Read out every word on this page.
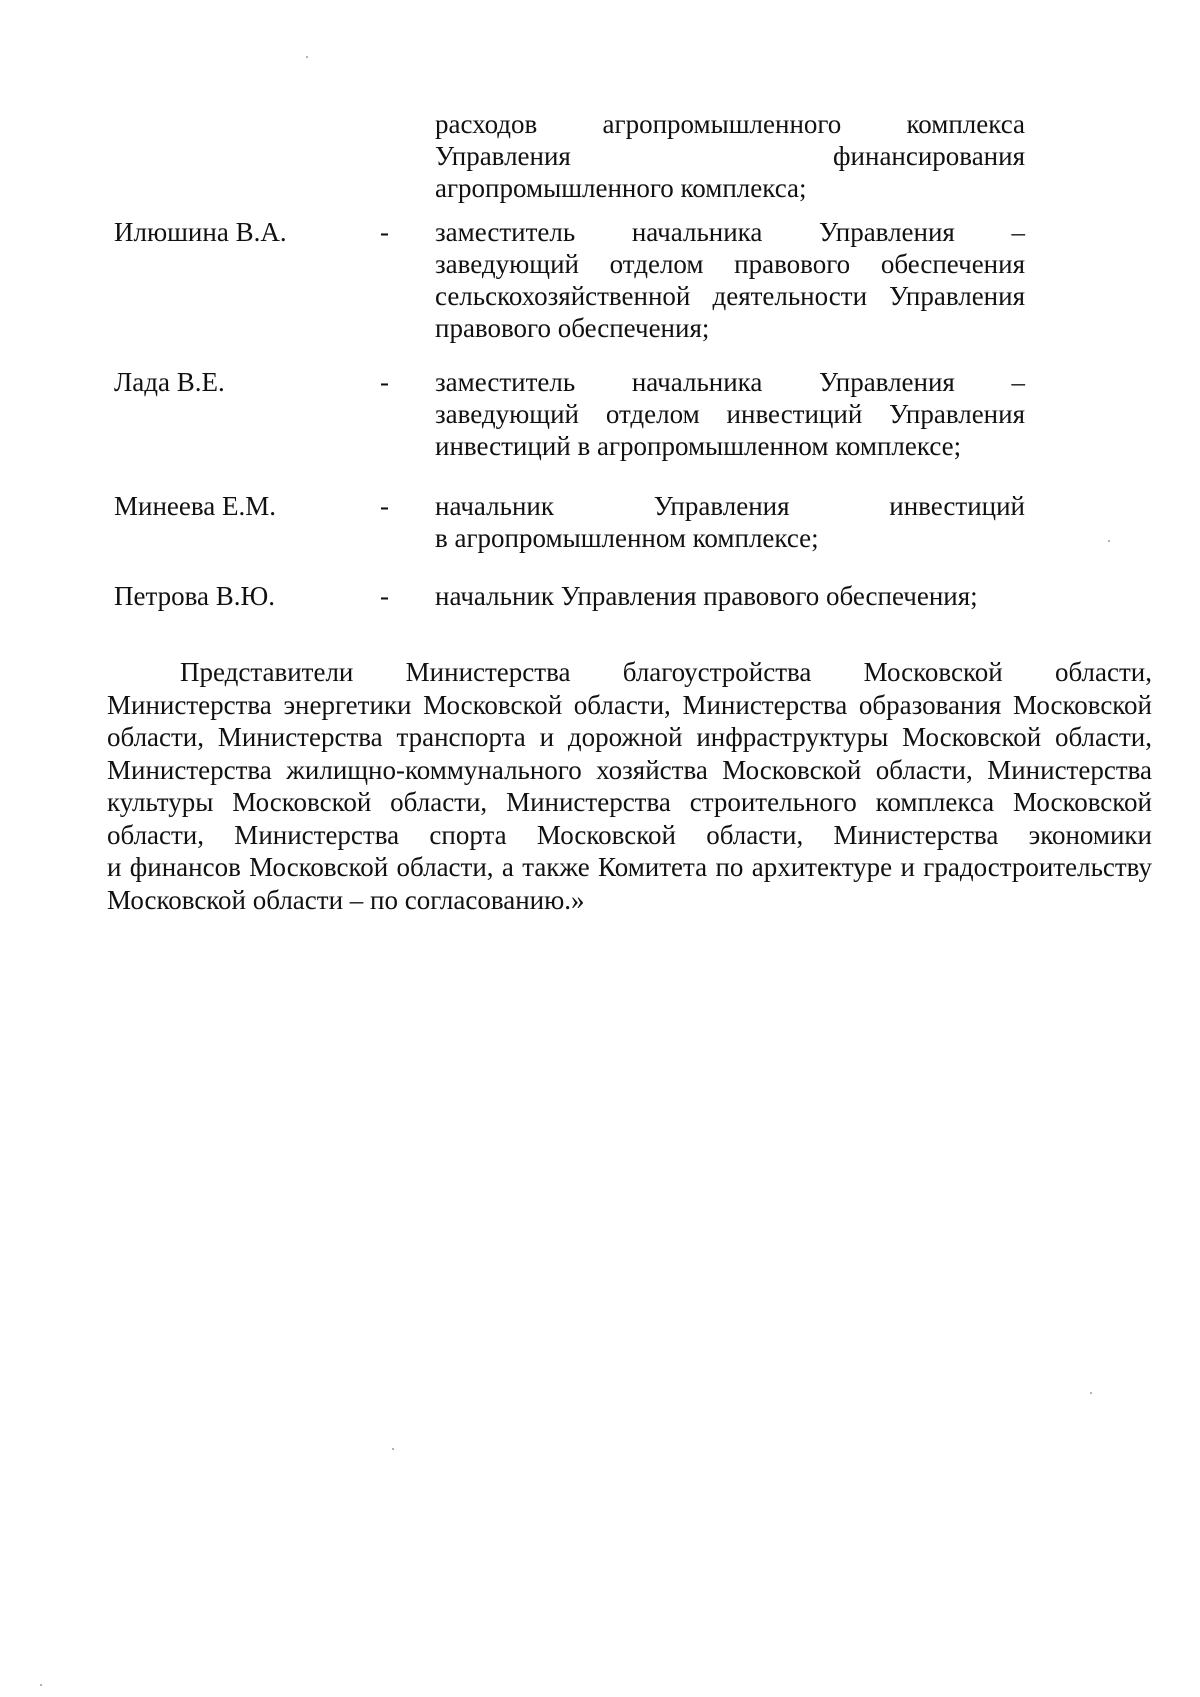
расходов агропромышленного комплекса
Управления финансирования
агропромышленного комплекса;
Илюшина В.А.	- заместитель начальника Управления –
заведующий отделом правового обеспечения
сельскохозяйственной деятельности Управления
правового обеспечения;
Лада В.Е.	- заместитель начальника Управления –
заведующий отделом инвестиций Управления
инвестиций в агропромышленном комплексе;
Минеева Е.М.	- начальник Управления инвестиций
в агропромышленном комплексе;
Петрова В.Ю.	- начальник Управления правового обеспечения;
Представители Министерства благоустройства Московской области,
Министерства энергетики Московской области, Министерства образования Московской
области, Министерства транспорта и дорожной инфраструктуры Московской области,
Министерства жилищно-коммунального хозяйства Московской области, Министерства
культуры Московской области, Министерства строительного комплекса Московской
области, Министерства спорта Московской области, Министерства экономики
и финансов Московской области, а также Комитета по архитектуре и градостроительству
Московской области – по согласованию.»
